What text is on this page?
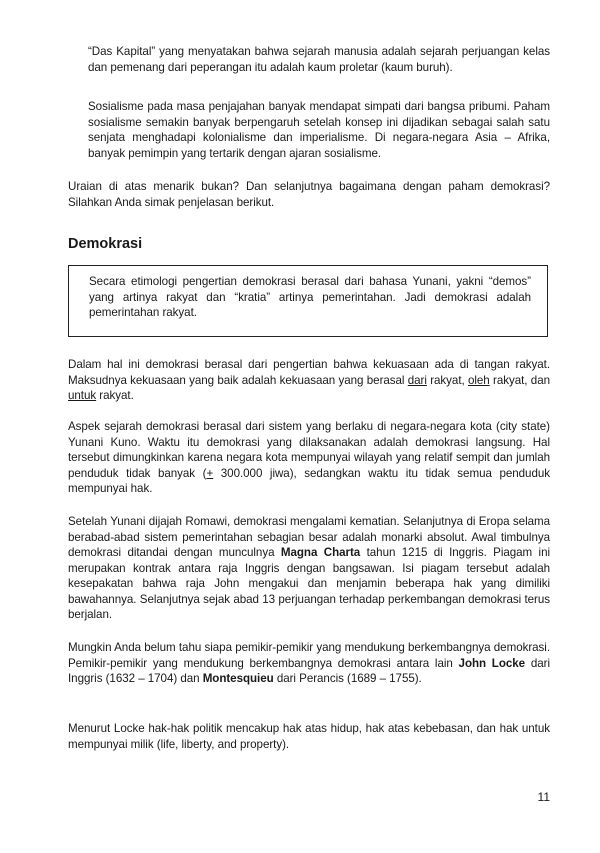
“Das Kapital” yang menyatakan bahwa sejarah manusia adalah sejarah perjuangan kelas dan pemenang dari peperangan itu adalah kaum proletar (kaum buruh).

Sosialisme pada masa penjajahan banyak mendapat simpati dari bangsa pribumi. Paham sosialisme semakin banyak berpengaruh setelah konsep ini dijadikan sebagai salah satu senjata menghadapi kolonialisme dan imperialisme. Di negara-negara Asia – Afrika, banyak pemimpin yang tertarik dengan ajaran sosialisme.

Uraian di atas menarik bukan? Dan selanjutnya bagaimana dengan paham demokrasi? Silahkan Anda simak penjelasan berikut.

Demokrasi

Secara etimologi pengertian demokrasi berasal dari bahasa Yunani, yakni “demos” yang artinya rakyat dan “kratia” artinya pemerintahan. Jadi demokrasi adalah pemerintahan rakyat.

Dalam hal ini demokrasi berasal dari pengertian bahwa kekuasaan ada di tangan rakyat. Maksudnya kekuasaan yang baik adalah kekuasaan yang berasal dari rakyat, oleh rakyat, dan untuk rakyat.

Aspek sejarah demokrasi berasal dari sistem yang berlaku di negara-negara kota (city state) Yunani Kuno. Waktu itu demokrasi yang dilaksanakan adalah demokrasi langsung. Hal tersebut dimungkinkan karena negara kota mempunyai wilayah yang relatif sempit dan jumlah penduduk tidak banyak (+ 300.000 jiwa), sedangkan waktu itu tidak semua penduduk mempunyai hak.

Setelah Yunani dijajah Romawi, demokrasi mengalami kematian. Selanjutnya di Eropa selama berabad-abad sistem pemerintahan sebagian besar adalah monarki absolut. Awal timbulnya demokrasi ditandai dengan munculnya Magna Charta tahun 1215 di Inggris. Piagam ini merupakan kontrak antara raja Inggris dengan bangsawan. Isi piagam tersebut adalah kesepakatan bahwa raja John mengakui dan menjamin beberapa hak yang dimiliki bawahannya. Selanjutnya sejak abad 13 perjuangan terhadap perkembangan demokrasi terus berjalan.

Mungkin Anda belum tahu siapa pemikir-pemikir yang mendukung berkembangnya demokrasi. Pemikir-pemikir yang mendukung berkembangnya demokrasi antara lain John Locke dari Inggris (1632 – 1704) dan Montesquieu dari Perancis (1689 – 1755).

Menurut Locke hak-hak politik mencakup hak atas hidup, hak atas kebebasan, dan hak untuk mempunyai milik (life, liberty, and property).

11
